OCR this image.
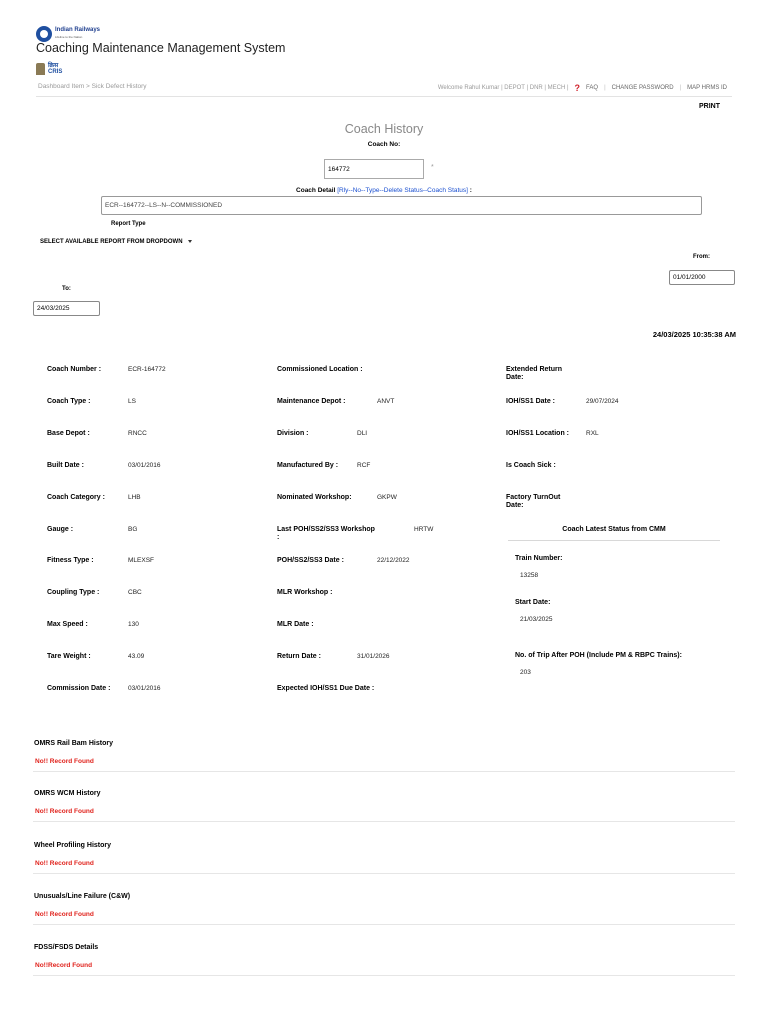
Indian Railways
Lifeline to the Nation
Coaching Maintenance Management System
क्रिस
CRIS
Dashboard Item > Sick Defect History	Welcome Rahul Kumar | DEPOT | DNR | MECH | ? FAQ | CHANGE PASSWORD | MAP HRMS ID
PRINT
Coach History
Coach No:
164772	*
Coach Detail [Rly--No--Type--Delete Status--Coach Status] :
ECR--164772--LS--N--COMMISSIONED
Report Type
SELECT AVAILABLE REPORT FROM DROPDOWN
From:
01/01/2000
To:
24/03/2025
24/03/2025 10:35:38 AM
Coach Number :	ECR-164772
Coach Type :	LS
Base Depot :	RNCC
Built Date :	03/01/2016
Coach Category :	LHB
Gauge :	BG
Fitness Type :	MLEXSF
Coupling Type :	CBC
Max Speed :	130
Tare Weight :	43.09
Commission Date :	03/01/2016
Commissioned Location :
Maintenance Depot :	ANVT
Division :	DLI
Manufactured By :	RCF
Nominated Workshop:	GKPW
Last POH/SS2/SS3 Workshop :
HRTW
POH/SS2/SS3 Date :	22/12/2022
MLR Workshop :
MLR Date :
Return Date :	31/01/2026
Expected IOH/SS1 Due Date :
Extended Return Date:
IOH/SS1 Date :	29/07/2024
IOH/SS1 Location :	RXL
Is Coach Sick :
Factory TurnOut Date:
Coach Latest Status from CMM
Train Number:
13258
Start Date:
21/03/2025
No. of Trip After POH (Include PM & RBPC Trains):
203
OMRS Rail Bam History
No!! Record Found
OMRS WCM History
No!! Record Found
Wheel Profiling History
No!! Record Found
Unusuals/Line Failure (C&W)
No!! Record Found
FDSS/FSDS Details
No!!Record Found
